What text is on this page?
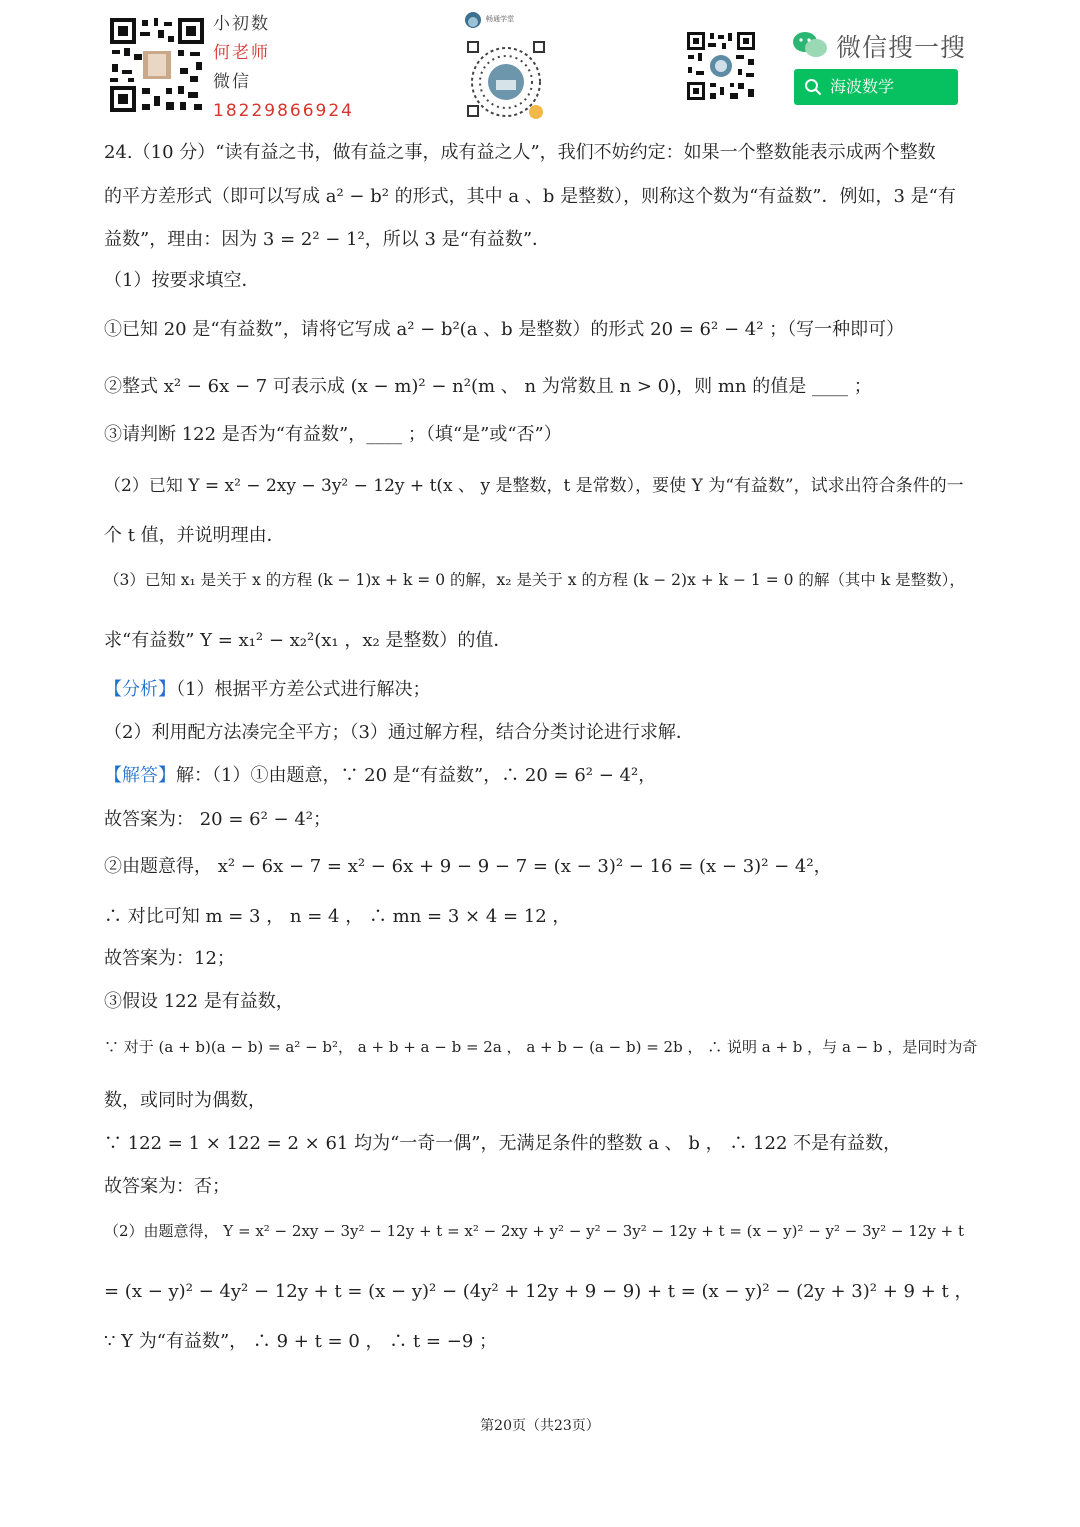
小初数
何老师
微信
18229866924
畅通学堂
微信搜一搜
海波数学
24.（10 分）“读有益之书，做有益之事，成有益之人”，我们不妨约定：如果一个整数能表示成两个整数
的平方差形式（即可以写成 a² − b² 的形式，其中 a 、b 是整数），则称这个数为“有益数”．例如，3 是“有
益数”，理由：因为 3 = 2² − 1²，所以 3 是“有益数”．
（1）按要求填空．
①已知 20 是“有益数”，请将它写成 a² − b²(a 、b 是整数）的形式 20 = 6² − 4² ；（写一种即可）
②整式 x² − 6x − 7 可表示成 (x − m)² − n²(m 、 n 为常数且 n > 0)，则 mn 的值是 ____ ；
③请判断 122 是否为“有益数”，____ ；（填“是”或“否”）
（2）已知 Y = x² − 2xy − 3y² − 12y + t(x 、 y 是整数，t 是常数），要使 Y 为“有益数”，试求出符合条件的一
个 t 值，并说明理由．
（3）已知 x₁ 是关于 x 的方程 (k − 1)x + k = 0 的解，x₂ 是关于 x 的方程 (k − 2)x + k − 1 = 0 的解（其中 k 是整数），
求“有益数” Y = x₁² − x₂²(x₁ ，x₂ 是整数）的值．
【分析】（1）根据平方差公式进行解决；
（2）利用配方法凑完全平方；（3）通过解方程，结合分类讨论进行求解．
【解答】解：（1）①由题意，∵ 20 是“有益数”，∴ 20 = 6² − 4²，
故答案为： 20 = 6² − 4²；
②由题意得， x² − 6x − 7 = x² − 6x + 9 − 9 − 7 = (x − 3)² − 16 = (x − 3)² − 4²，
∴ 对比可知 m = 3 ， n = 4 ， ∴ mn = 3 × 4 = 12 ，
故答案为：12；
③假设 122 是有益数，
∵ 对于 (a + b)(a − b) = a² − b²， a + b + a − b = 2a ， a + b − (a − b) = 2b ， ∴ 说明 a + b ，与 a − b ，是同时为奇
数，或同时为偶数，
∵ 122 = 1 × 122 = 2 × 61 均为“一奇一偶”，无满足条件的整数 a 、 b ， ∴ 122 不是有益数，
故答案为：否；
（2）由题意得， Y = x² − 2xy − 3y² − 12y + t = x² − 2xy + y² − y² − 3y² − 12y + t = (x − y)² − y² − 3y² − 12y + t
= (x − y)² − 4y² − 12y + t = (x − y)² − (4y² + 12y + 9 − 9) + t = (x − y)² − (2y + 3)² + 9 + t ，
∵ Y 为“有益数”， ∴ 9 + t = 0 ， ∴ t = −9 ；
第20页（共23页）
